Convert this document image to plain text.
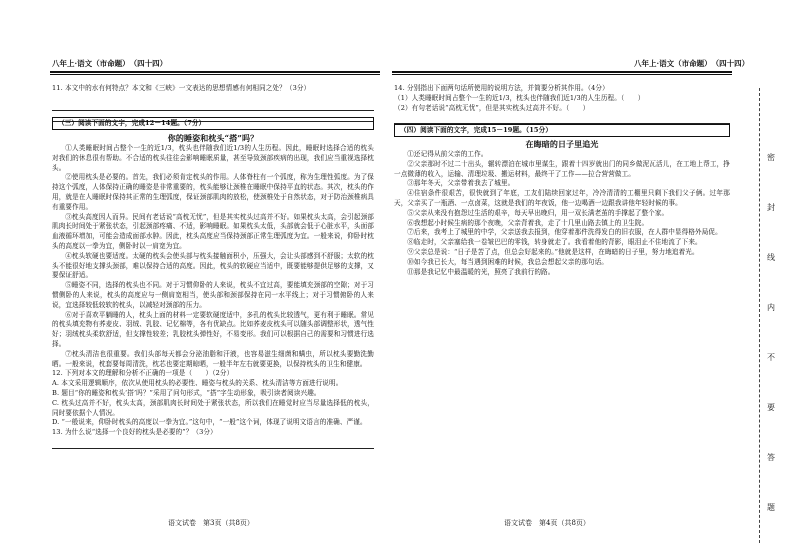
八年上·语文（市命题）　（四十四）

11. 本文中的水有何特点？本文和《三峡》一文表达的思想情感有何相同之处？（3分）

（三）阅读下面的文字，完成12－14题。（7分）
你的睡姿和枕头“搭”吗？

①人类睡眠时间占整个一生的近1/3，枕头也伴随我们近1/3的人生历程。因此，睡眠时选择合适的枕头对我们的休息很有帮助。不合适的枕头往往会影响睡眠质量，甚至导致颈部疾病的出现，我们应当重视选择枕头。

②使用枕头是必要的。首先，我们必须肯定枕头的作用。人体脊柱有一个弧度，称为生理性弧度。为了保持这个弧度，人体保持正确的睡姿是非常重要的，枕头能够让颈椎在睡眠中保持平直的状态。其次，枕头的作用，就是在人睡眠时保持其正常的生理弧度，保证颈部肌肉的放松，使颈椎处于自然状态，对于防治颈椎病具有重要作用。

③枕头高度因人而异。民间有老话说“高枕无忧”，但是其实枕头过高并不好。如果枕头太高，会引起颈部肌肉长时间处于紧张状态，引起颈部疼痛、不适，影响睡眠。如果枕头太低，头部就会低于心脏水平，头面部血液循环增加，可能会造成面部水肿。因此，枕头高度应当保持颈部正常生理弧度为宜。一般来说，仰卧时枕头的高度以一拳为宜，侧卧时以一肩宽为宜。

④枕头软硬也要适度。太硬的枕头会使头部与枕头接触面积小，压强大，会让头部感到不舒服；太软的枕头不能很好地支撑头颈部，难以保持合适的高度。因此，枕头的软硬应当适中，既要能够提供足够的支撑，又要保证舒适。

⑤睡姿不同，选择的枕头也不同。对于习惯仰卧的人来说，枕头不宜过高，要能填充颈部的空隙；对于习惯侧卧的人来说，枕头的高度应与一侧肩宽相当，使头部和颈部保持在同一水平线上；对于习惯俯卧的人来说，宜选择较低较软的枕头，以减轻对颈部的压力。

⑥对于喜欢平躺睡的人，枕头上面的材料一定要软硬度适中，多孔的枕头比较透气，更有利于睡眠。常见的枕头填充物有荞麦皮、羽绒、乳胶、记忆棉等，各有优缺点。比如荞麦皮枕头可以随头部调整形状，透气性好；羽绒枕头柔软舒适，但支撑性较差；乳胶枕头弹性好，不易变形。我们可以根据自己的需要和习惯进行选择。

⑦枕头清洁也很重要。我们头部每天都会分泌油脂和汗液，也容易滋生细菌和螨虫，所以枕头要勤洗勤晒。一般来说，枕套要每周清洗，枕芯也要定期晾晒，一般半年左右就要更换，以保持枕头的卫生和健康。

12. 下列对本文的理解和分析不正确的一项是（　　）（2分）

A. 本文采用逻辑顺序，依次从使用枕头的必要性、睡姿与枕头的关系、枕头清洁等方面进行说明。

B. 题目“你的睡姿和枕头‘搭’吗？”采用了问句形式，“搭”字生动形象，吸引读者阅读兴趣。

C. 枕头过高并不好，枕头太高，颈部肌肉长时间处于紧张状态，所以我们在睡觉时应当尽量选择低的枕头，同时要依据个人情况。

D. “一般说来，仰卧时枕头的高度以一拳为宜。”这句中，“一般”这个词，体现了说明文语言的准确、严谨。

13. 为什么说“选择一个良好的枕头是必要的”？（3分）

语文试卷　 第3页（共8页）
八年上·语文（市命题）　（四十四）

14. 分别指出下面两句话所使用的说明方法，并简要分析其作用。（4分）

（1）人类睡眠时间占整个一生的近1/3，枕头也伴随我们近1/3的人生历程。（　　）

（2）有句老话说“高枕无忧”，但是其实枕头过高并不好。（　　）

（四）阅读下面的文字，完成15－19题。（15分）
在晦暗的日子里追光

①还记得从前父亲的工作。

②父亲那时不过二十出头，辗转漂泊在城市里谋生，跟着十四岁就出门的同乡做泥瓦活儿，在工地上帮工，挣一点微薄的收入，运输、清理垃圾、搬运材料，最终干了工作——拉合营营做工。

③那年冬天，父亲带着我去了城里。

④住宿条件很艰苦，很快就到了年底，工友们陆续回家过年，冷冷清清的工棚里只剩下我们父子俩。过年那天，父亲买了一瓶酒、一点卤菜，这就是我们的年夜饭，他一边喝酒一边跟我讲他年轻时候的事。

⑤父亲从来没有抱怨过生活的艰辛，每天早出晚归，用一双长满老茧的手撑起了整个家。

⑥我想起小时候生病的那个夜晚，父亲背着我，走了十几里山路去镇上的卫生院。

⑦后来，我考上了城里的中学，父亲送我去报到，他穿着那件洗得发白的旧衣服，在人群中显得格外局促。

⑧临走时，父亲塞给我一卷皱巴巴的零钱，转身就走了。我看着他的背影，眼泪止不住地流了下来。

⑨父亲总是说：“日子是苦了点，但总会好起来的。”他就是这样，在晦暗的日子里，努力地追着光。

⑩如今我已长大，每当遇到困难的时候，我总会想起父亲的那句话。

⑪那是我记忆中最温暖的光，照亮了我前行的路。

语文试卷　 第4页（共8页）
密
封
线
内
不
要
答
题
